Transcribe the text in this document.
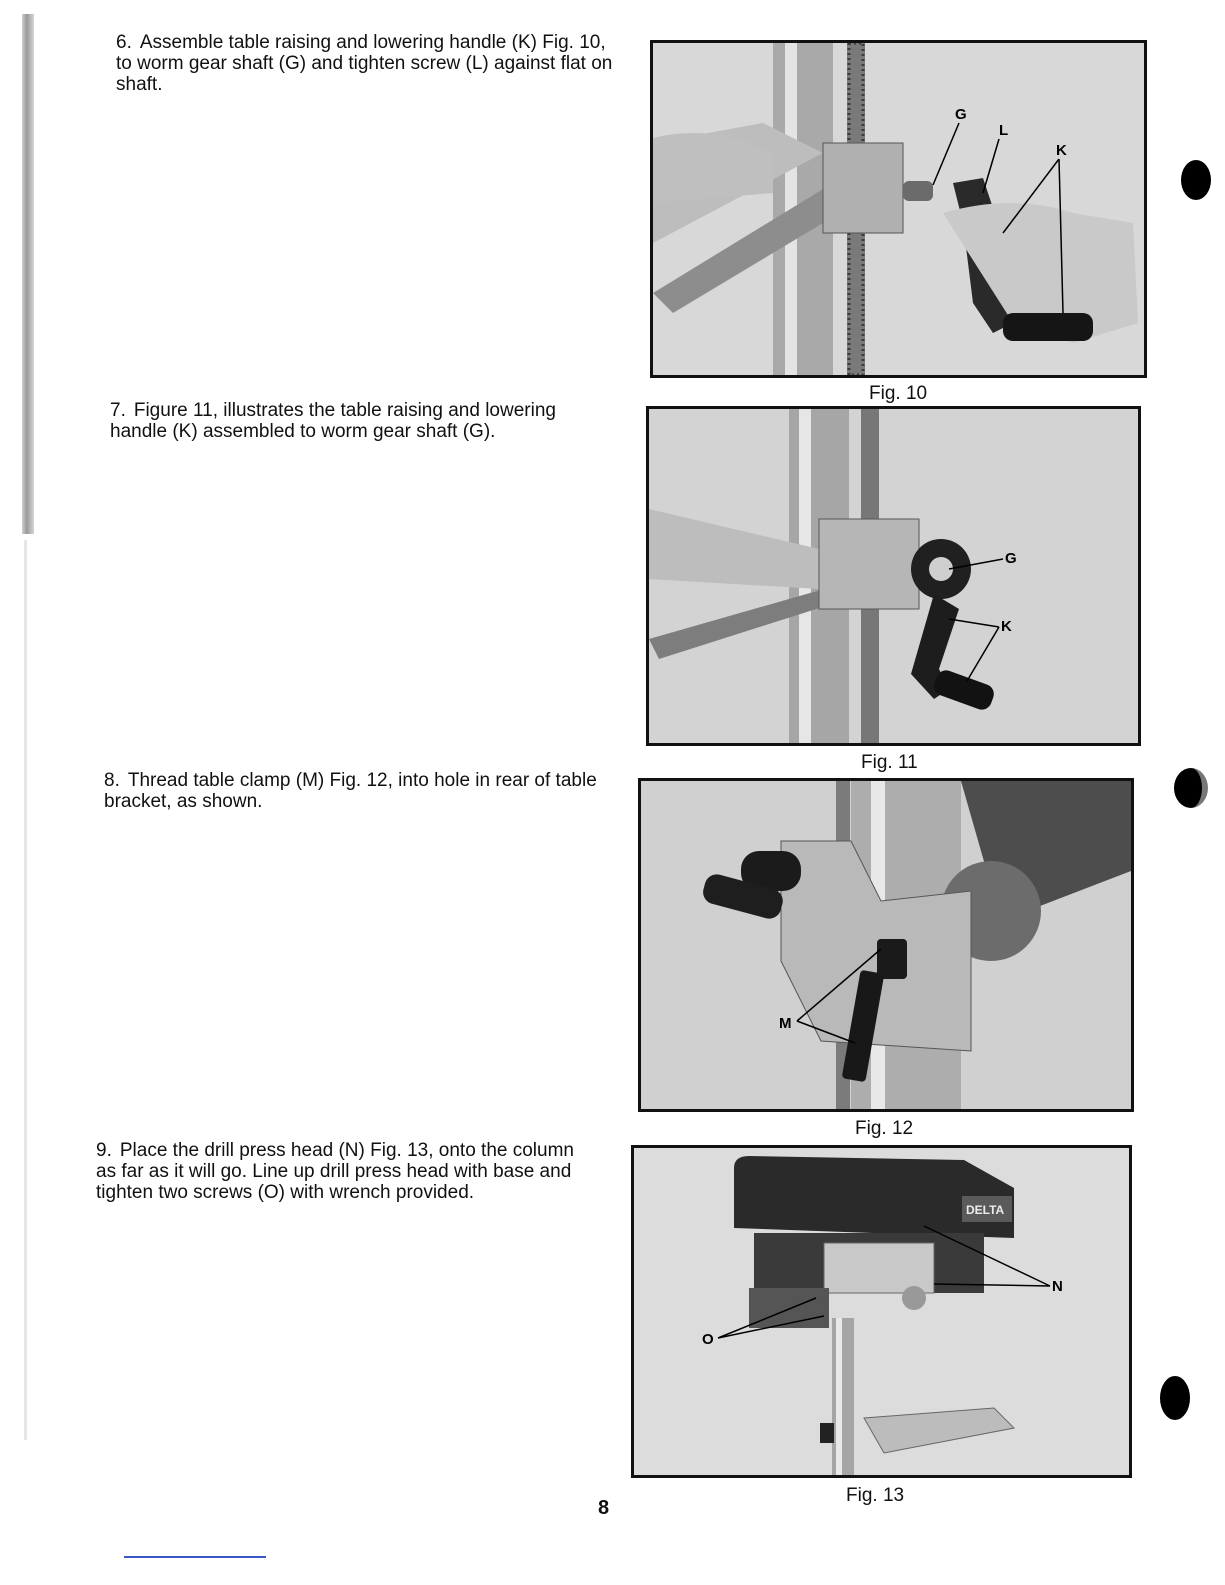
6. Assemble table raising and lowering handle (K) Fig. 10,
to worm gear shaft (G) and tighten screw (L) against flat on
shaft.
7. Figure 11, illustrates the table raising and lowering
handle (K) assembled to worm gear shaft (G).
8. Thread table clamp (M) Fig. 12, into hole in rear of table
bracket, as shown.
9. Place the drill press head (N) Fig. 13, onto the column
as far as it will go. Line up drill press head with base and
tighten two screws (O) with wrench provided.
G
L
K
Fig. 10
G
K
Fig. 11
M
Fig. 12
DELTA
N
O
Fig. 13
8
